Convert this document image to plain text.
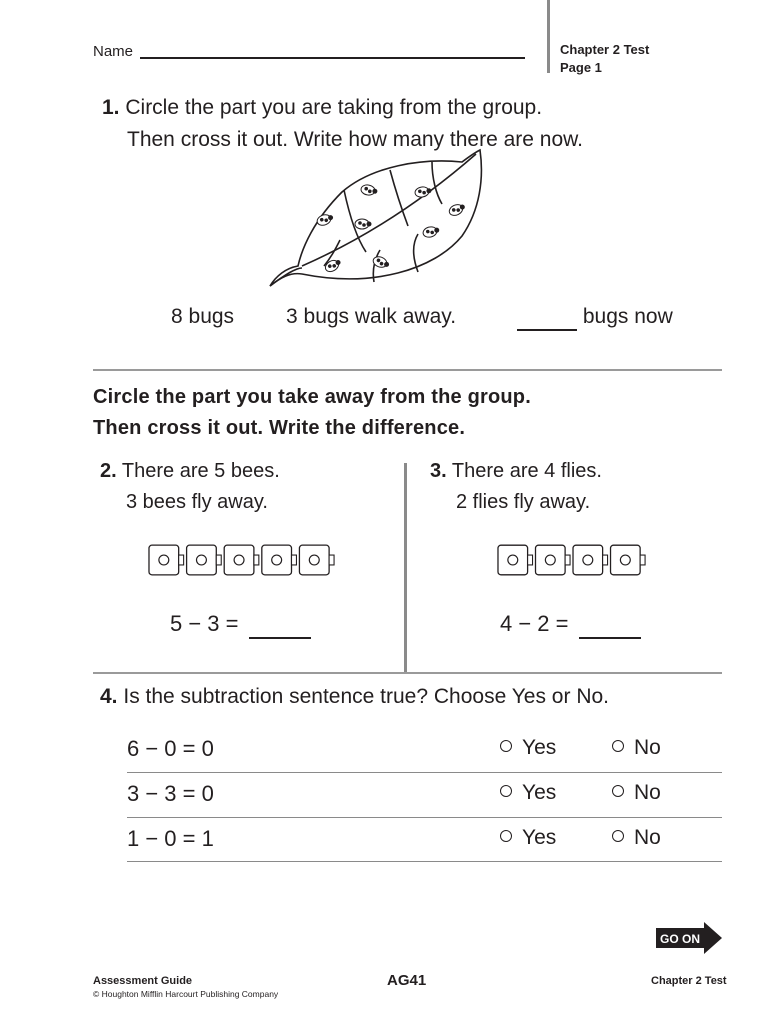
Name	Chapter 2 Test
Page 1
1. Circle the part you are taking from the group.
Then cross it out. Write how many there are now.
8 bugs 3 bugs walk away.	bugs now
Circle the part you take away from the group.
Then cross it out. Write the difference.
2. There are 5 bees.
3 bees fly away.
5 − 3 =
3. There are 4 flies.
2 flies fly away.
4 − 2 =
4. Is the subtraction sentence true? Choose Yes or No.
6 − 0 = 0	Yes	No
3 − 3 = 0	Yes	No
1 − 0 = 1	Yes	No
GO ON
Assessment Guide
© Houghton Mifflin Harcourt Publishing Company
AG41	Chapter 2 Test
